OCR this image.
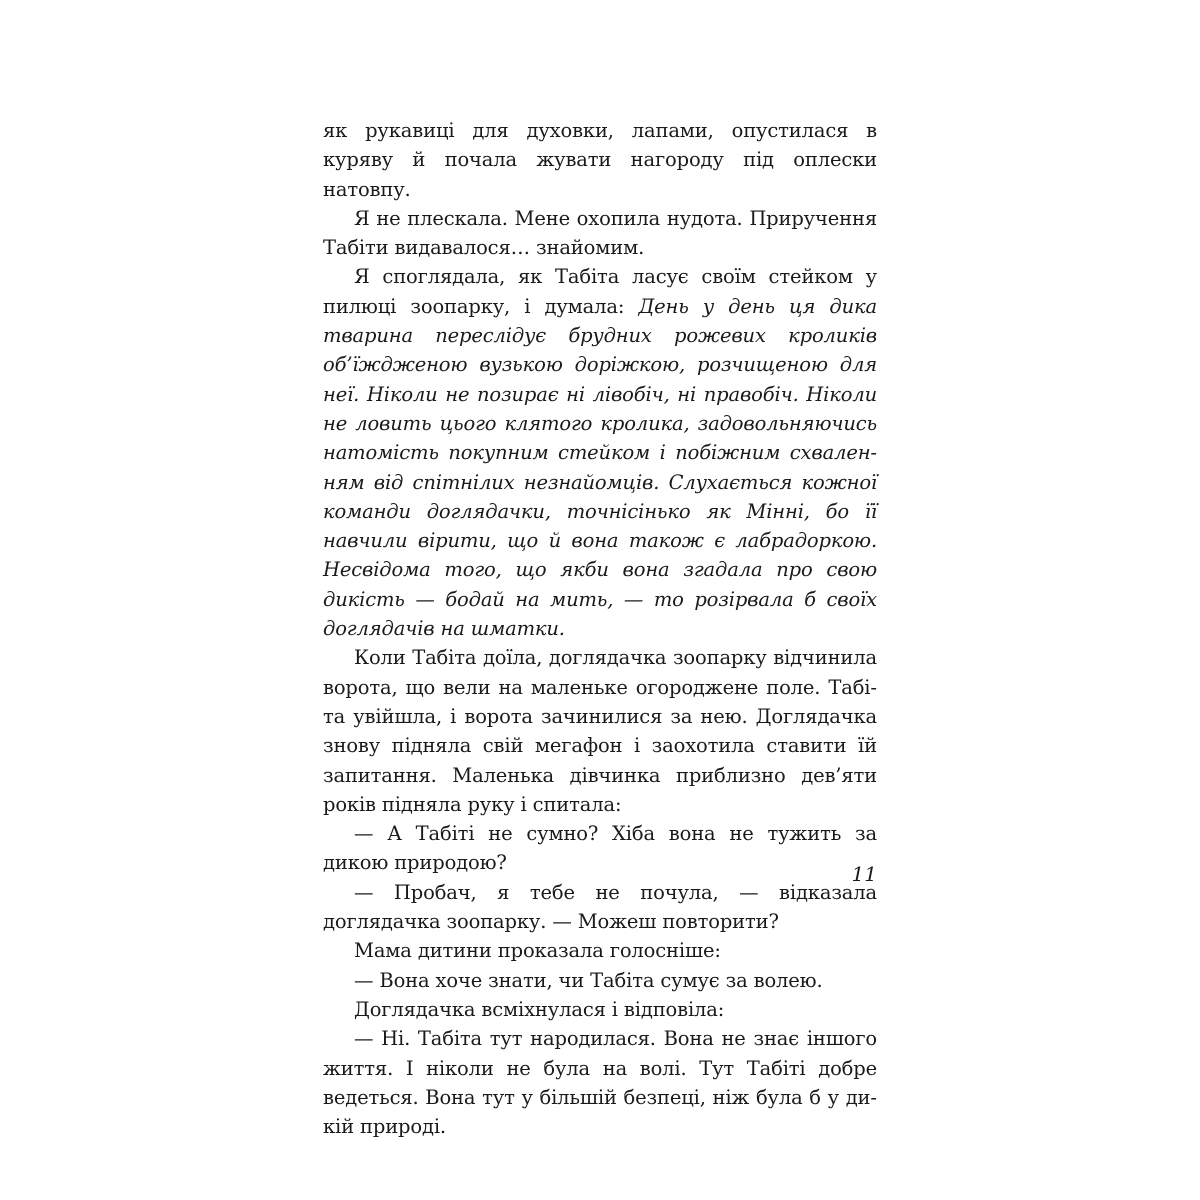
як рукавиці для духовки, лапами, опустилася в куряву й почала жувати нагороду під оплески натовпу.

Я не плескала. Мене охопила нудота. Приручення Табіти видавалося… знайомим.

Я споглядала, як Табіта ласує своїм стейком у пилюці зоопарку, і думала: День у день ця дика тварина переслідує брудних рожевих кроликів об’їждженою вузькою доріжкою, розчищеною для неї. Ніколи не позирає ні лівобіч, ні правобіч. Ніколи не ловить цього клятого кролика, задовольняючись натомість покупним стейком і побіжним схваленням від спітнілих незнайомців. Слухається кожної команди доглядачки, точнісінько як Мінні, бо її навчили вірити, що й вона також є лабрадоркою. Несвідома того, що якби вона згадала про свою дикість — бодай на мить, — то розірвала б своїх доглядачів на шматки.

Коли Табіта доїла, доглядачка зоопарку відчинила ворота, що вели на маленьке огороджене поле. Табіта увійшла, і ворота зачинилися за нею. Доглядачка знову підняла свій мегафон і заохотила ставити їй запитання. Маленька дівчинка приблизно дев’яти років підняла руку і спитала:

— А Табіті не сумно? Хіба вона не тужить за дикою природою?

— Пробач, я тебе не почула, — відказала доглядачка зоопарку. — Можеш повторити?

Мама дитини проказала голосніше:

— Вона хоче знати, чи Табіта сумує за волею.

Доглядачка всміхнулася і відповіла:

— Ні. Табіта тут народилася. Вона не знає іншого життя. І ніколи не була на волі. Тут Табіті добре ведеться. Вона тут у більшій безпеці, ніж була б у дикій природі.

11
